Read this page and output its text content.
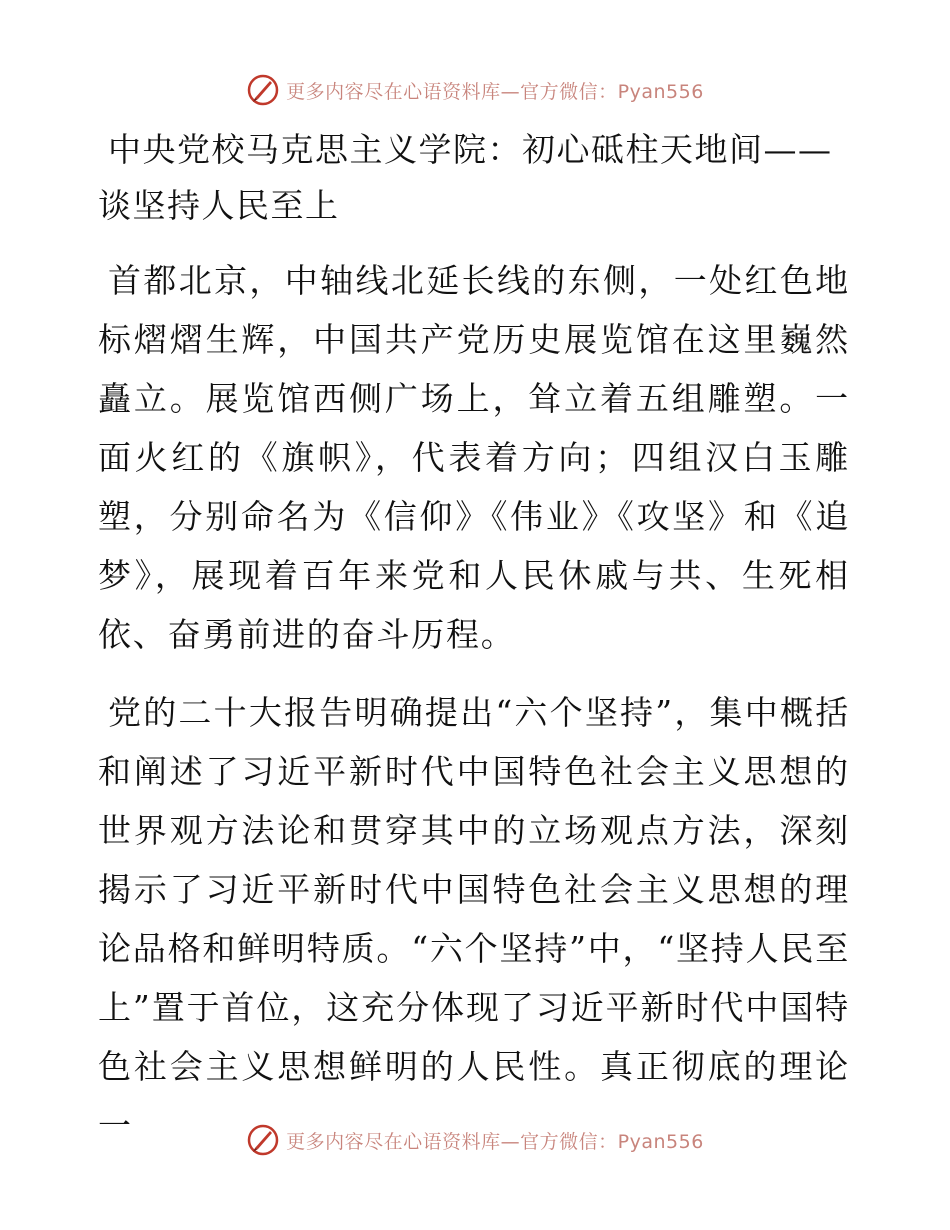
更多内容尽在心语资料库—官方微信：Pyan556
中央党校马克思主义学院：初心砥柱天地间——谈坚持人民至上

首都北京，中轴线北延长线的东侧，一处红色地标熠熠生辉，中国共产党历史展览馆在这里巍然矗立。展览馆西侧广场上，耸立着五组雕塑。一面火红的《旗帜》，代表着方向；四组汉白玉雕塑，分别命名为《信仰》《伟业》《攻坚》和《追梦》，展现着百年来党和人民休戚与共、生死相依、奋勇前进的奋斗历程。

党的二十大报告明确提出“六个坚持”，集中概括和阐述了习近平新时代中国特色社会主义思想的世界观方法论和贯穿其中的立场观点方法，深刻揭示了习近平新时代中国特色社会主义思想的理论品格和鲜明特质。“六个坚持”中，“坚持人民至上”置于首位，这充分体现了习近平新时代中国特色社会主义思想鲜明的人民性。真正彻底的理论一	更多内容尽在心语资料库—官方微信：Pyan556
